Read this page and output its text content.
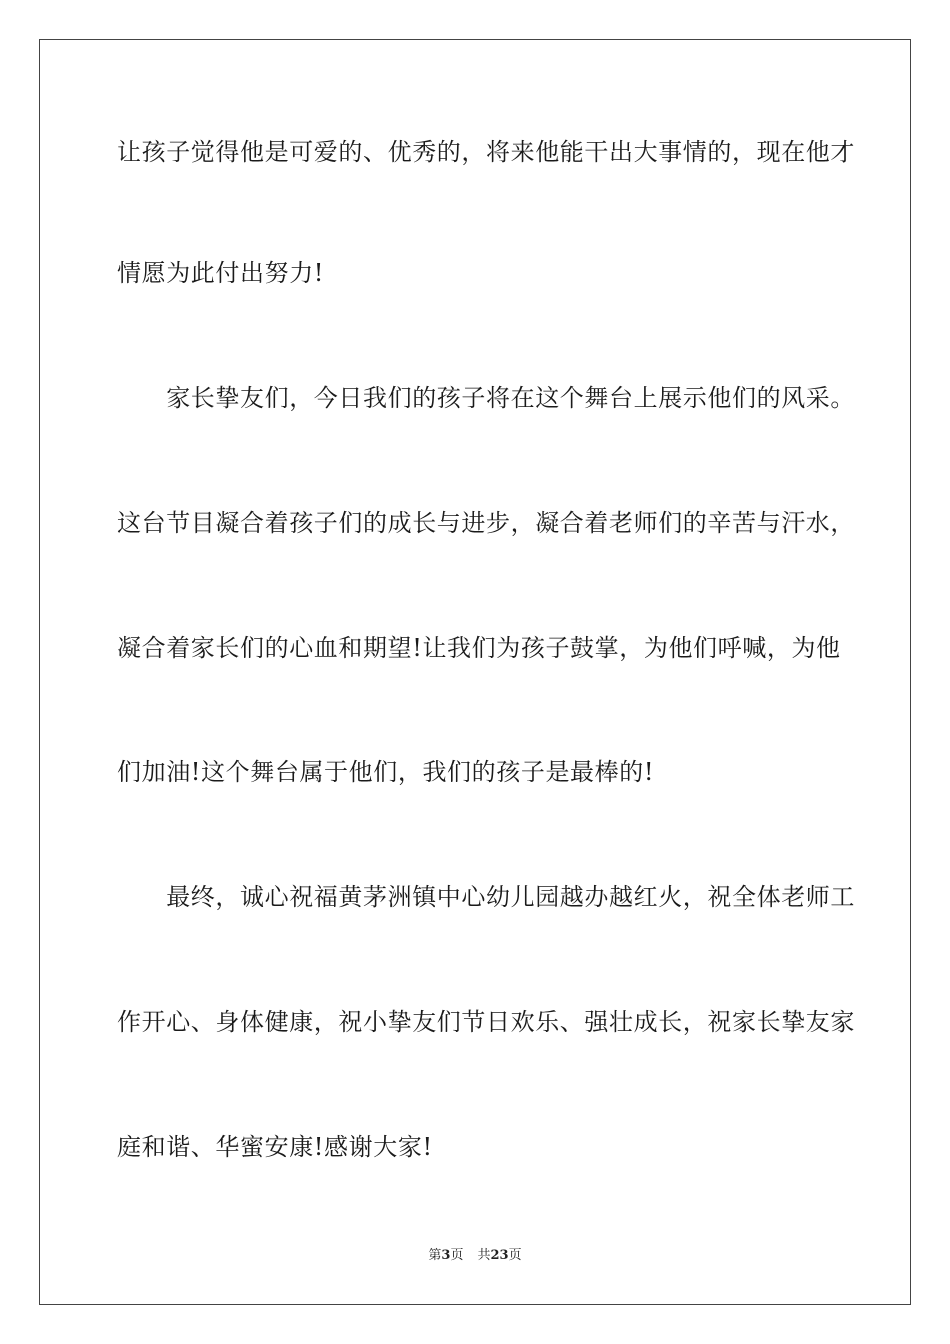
让孩子觉得他是可爱的、优秀的，将来他能干出大事情的，现在他才
情愿为此付出努力!
　　家长挚友们，今日我们的孩子将在这个舞台上展示他们的风采。
这台节目凝合着孩子们的成长与进步，凝合着老师们的辛苦与汗水，
凝合着家长们的心血和期望!让我们为孩子鼓掌，为他们呼喊，为他
们加油!这个舞台属于他们，我们的孩子是最棒的!
　　最终，诚心祝福黄茅洲镇中心幼儿园越办越红火，祝全体老师工
作开心、身体健康，祝小挚友们节日欢乐、强壮成长，祝家长挚友家
庭和谐、华蜜安康!感谢大家!
第3页 共23页
